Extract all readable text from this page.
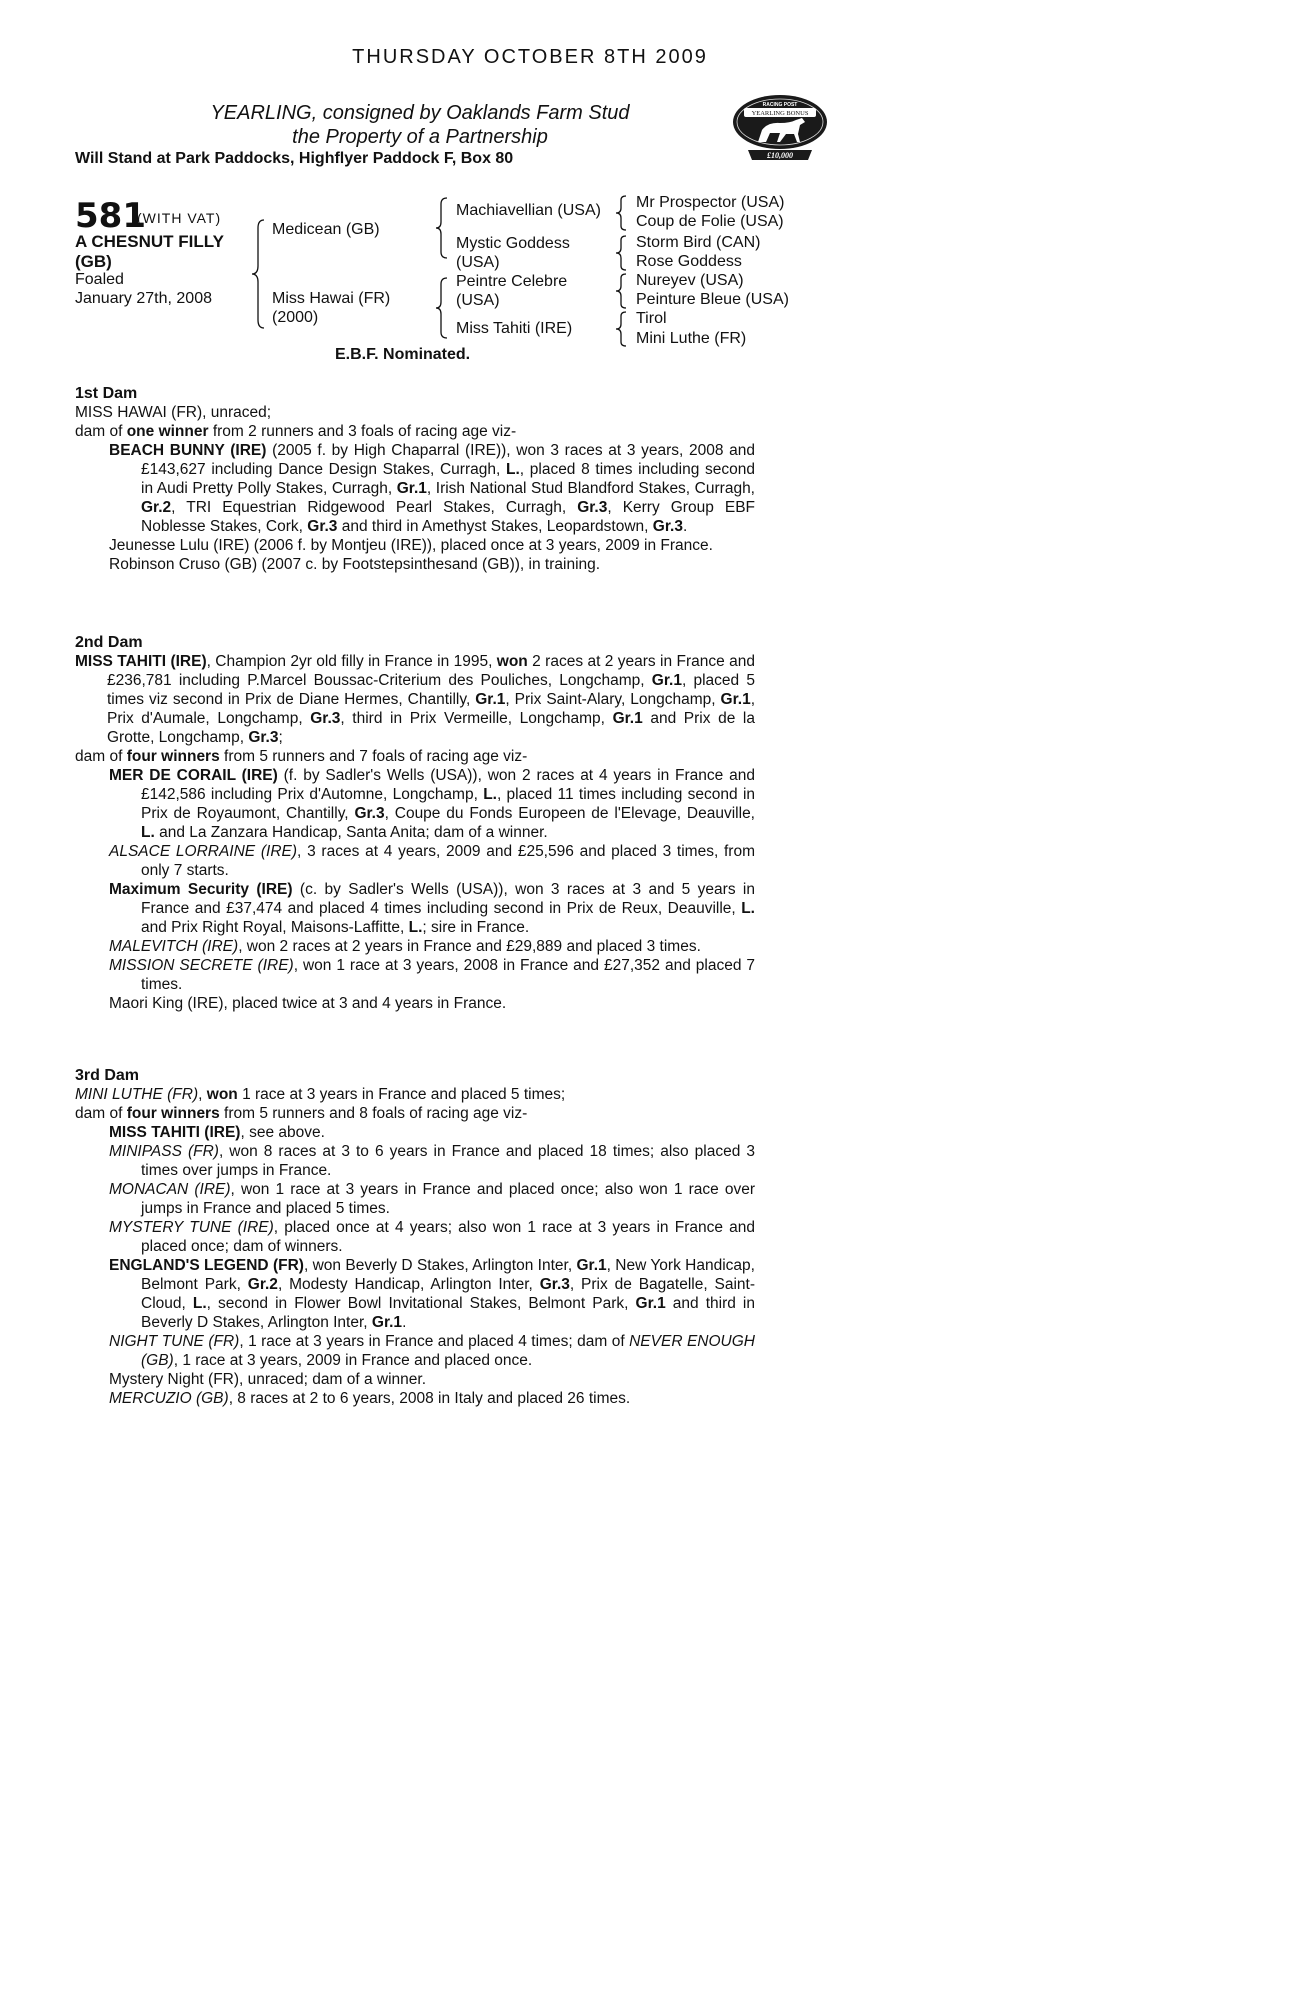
THURSDAY OCTOBER 8TH 2009
YEARLING, consigned by Oaklands Farm Stud
the Property of a Partnership
Will Stand at Park Paddocks, Highflyer Paddock F, Box 80
RACING POST
YEARLING BONUS
£10,000
581
(WITH VAT)
A CHESNUT FILLY (GB)
Foaled
January 27th, 2008
Medicean (GB)
Miss Hawai (FR)
(2000)
Machiavellian (USA)
Mystic Goddess
(USA)
Peintre Celebre
(USA)
Miss Tahiti (IRE)
Mr Prospector (USA)
Coup de Folie (USA)
Storm Bird (CAN)
Rose Goddess
Nureyev (USA)
Peinture Bleue (USA)
Tirol
Mini Luthe (FR)
E.B.F. Nominated.
1st Dam

MISS HAWAI (FR), unraced;

dam of one winner from 2 runners and 3 foals of racing age viz-

BEACH BUNNY (IRE) (2005 f. by High Chaparral (IRE)), won 3 races at 3 years, 2008 and £143,627 including Dance Design Stakes, Curragh, L., placed 8 times including second in Audi Pretty Polly Stakes, Curragh, Gr.1, Irish National Stud Blandford Stakes, Curragh, Gr.2, TRI Equestrian Ridgewood Pearl Stakes, Curragh, Gr.3, Kerry Group EBF Noblesse Stakes, Cork, Gr.3 and third in Amethyst Stakes, Leopardstown, Gr.3.

Jeunesse Lulu (IRE) (2006 f. by Montjeu (IRE)), placed once at 3 years, 2009 in France.

Robinson Cruso (GB) (2007 c. by Footstepsinthesand (GB)), in training.

2nd Dam

MISS TAHITI (IRE), Champion 2yr old filly in France in 1995, won 2 races at 2 years in France and £236,781 including P.Marcel Boussac-Criterium des Pouliches, Longchamp, Gr.1, placed 5 times viz second in Prix de Diane Hermes, Chantilly, Gr.1, Prix Saint-Alary, Longchamp, Gr.1, Prix d'Aumale, Longchamp, Gr.3, third in Prix Vermeille, Longchamp, Gr.1 and Prix de la Grotte, Longchamp, Gr.3;

dam of four winners from 5 runners and 7 foals of racing age viz-

MER DE CORAIL (IRE) (f. by Sadler's Wells (USA)), won 2 races at 4 years in France and £142,586 including Prix d'Automne, Longchamp, L., placed 11 times including second in Prix de Royaumont, Chantilly, Gr.3, Coupe du Fonds Europeen de l'Elevage, Deauville, L. and La Zanzara Handicap, Santa Anita; dam of a winner.

ALSACE LORRAINE (IRE), 3 races at 4 years, 2009 and £25,596 and placed 3 times, from only 7 starts.

Maximum Security (IRE) (c. by Sadler's Wells (USA)), won 3 races at 3 and 5 years in France and £37,474 and placed 4 times including second in Prix de Reux, Deauville, L. and Prix Right Royal, Maisons-Laffitte, L.; sire in France.

MALEVITCH (IRE), won 2 races at 2 years in France and £29,889 and placed 3 times.

MISSION SECRETE (IRE), won 1 race at 3 years, 2008 in France and £27,352 and placed 7 times.

Maori King (IRE), placed twice at 3 and 4 years in France.

3rd Dam

MINI LUTHE (FR), won 1 race at 3 years in France and placed 5 times;

dam of four winners from 5 runners and 8 foals of racing age viz-

MISS TAHITI (IRE), see above.

MINIPASS (FR), won 8 races at 3 to 6 years in France and placed 18 times; also placed 3 times over jumps in France.

MONACAN (IRE), won 1 race at 3 years in France and placed once; also won 1 race over jumps in France and placed 5 times.

MYSTERY TUNE (IRE), placed once at 4 years; also won 1 race at 3 years in France and placed once; dam of winners.

ENGLAND'S LEGEND (FR), won Beverly D Stakes, Arlington Inter, Gr.1, New York Handicap, Belmont Park, Gr.2, Modesty Handicap, Arlington Inter, Gr.3, Prix de Bagatelle, Saint-Cloud, L., second in Flower Bowl Invitational Stakes, Belmont Park, Gr.1 and third in Beverly D Stakes, Arlington Inter, Gr.1.

NIGHT TUNE (FR), 1 race at 3 years in France and placed 4 times; dam of NEVER ENOUGH (GB), 1 race at 3 years, 2009 in France and placed once.

Mystery Night (FR), unraced; dam of a winner.

MERCUZIO (GB), 8 races at 2 to 6 years, 2008 in Italy and placed 26 times.
